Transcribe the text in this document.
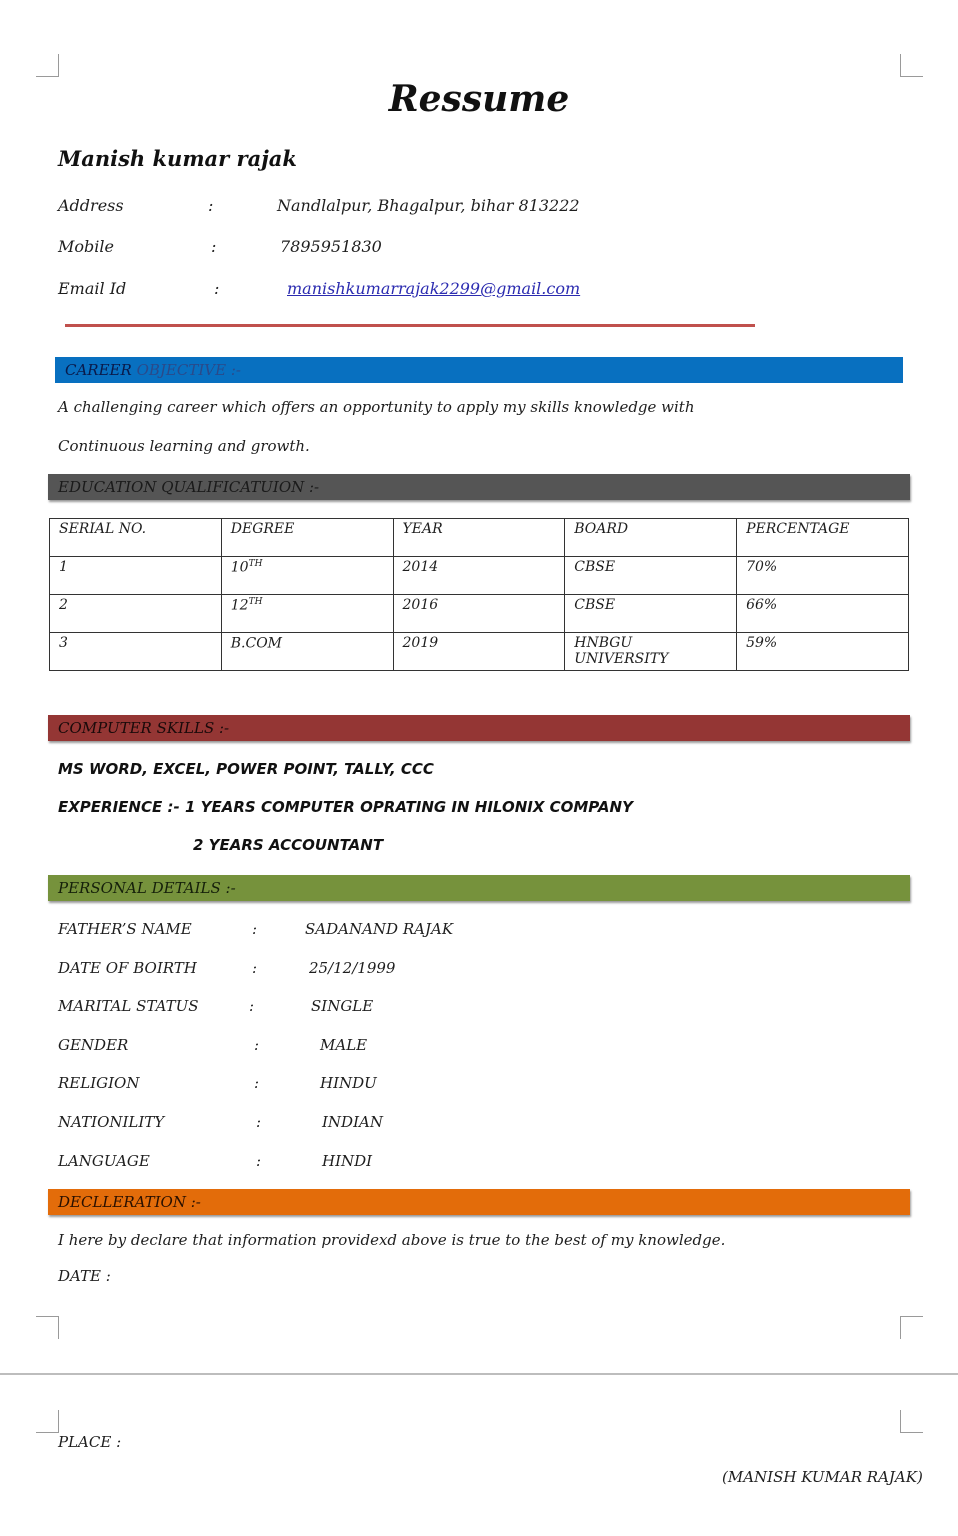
Ressume
Manish kumar rajak
Address	:	Nandlalpur, Bhagalpur, bihar 813222
Mobile	:	7895951830
Email Id	:	manishkumarrajak2299@gmail.com
CAREER OBJECTIVE :-
A challenging career which offers an opportunity to apply my skills knowledge with
Continuous learning and growth.
EDUCATION QUALIFICATUION :-
SERIAL NO.	DEGREE	YEAR	BOARD	PERCENTAGE
1	10TH	2014	CBSE	70%
2	12TH	2016	CBSE	66%
3	B.COM	2019	HNBGU UNIVERSITY	59%
COMPUTER SKILLS :-
MS WORD, EXCEL, POWER POINT, TALLY, CCC
EXPERIENCE :- 1 YEARS COMPUTER OPRATING IN HILONIX COMPANY
2 YEARS ACCOUNTANT
PERSONAL DETAILS :-
FATHER’S NAME	:	SADANAND RAJAK
DATE OF BOIRTH	:	25/12/1999
MARITAL STATUS	:	SINGLE
GENDER	:	MALE
RELIGION	:	HINDU
NATIONILITY	:	INDIAN
LANGUAGE	:	HINDI
DECLLERATION :-
I here by declare that information providexd above is true to the best of my knowledge.
DATE :
PLACE :
(MANISH KUMAR RAJAK)
